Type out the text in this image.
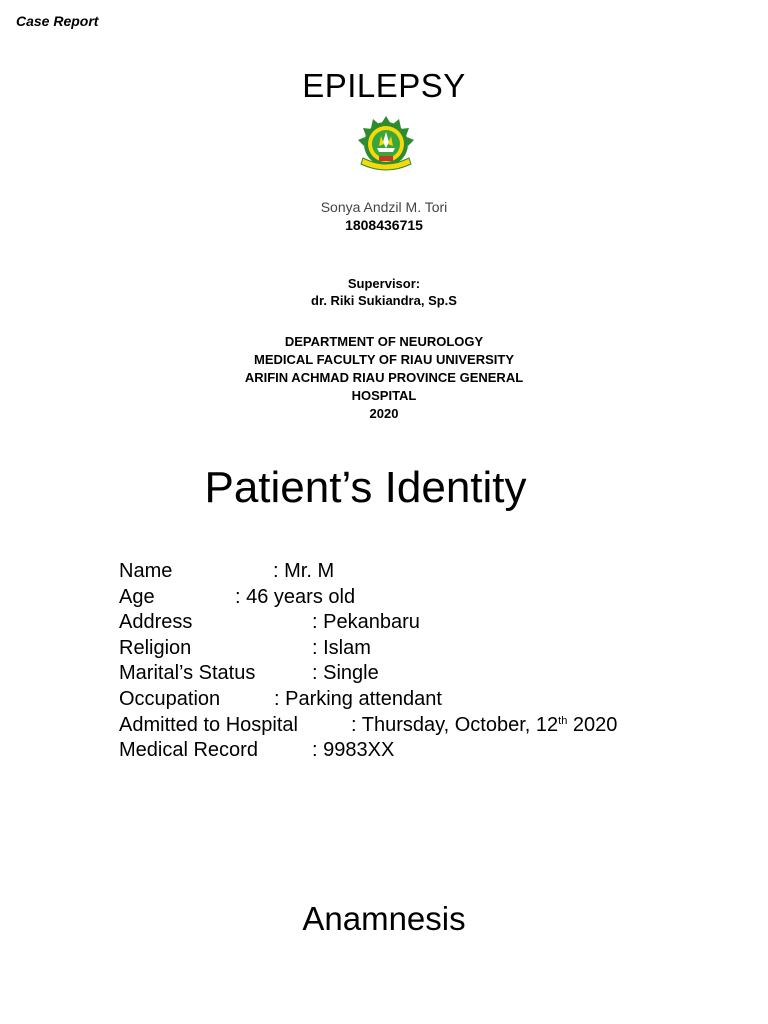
Case Report
EPILEPSY
Sonya Andzil M. Tori
1808436715
Supervisor:
dr. Riki Sukiandra, Sp.S
DEPARTMENT OF NEUROLOGY
MEDICAL FACULTY OF RIAU UNIVERSITY
ARIFIN ACHMAD RIAU PROVINCE GENERAL
HOSPITAL
2020
Patient’s Identity
Name	: Mr. M
Age	: 46 years old
Address	: Pekanbaru
Religion	: Islam
Marital’s Status	: Single
Occupation	: Parking attendant
Admitted to Hospital	: Thursday, October, 12th 2020
Medical Record	: 9983XX
Anamnesis
